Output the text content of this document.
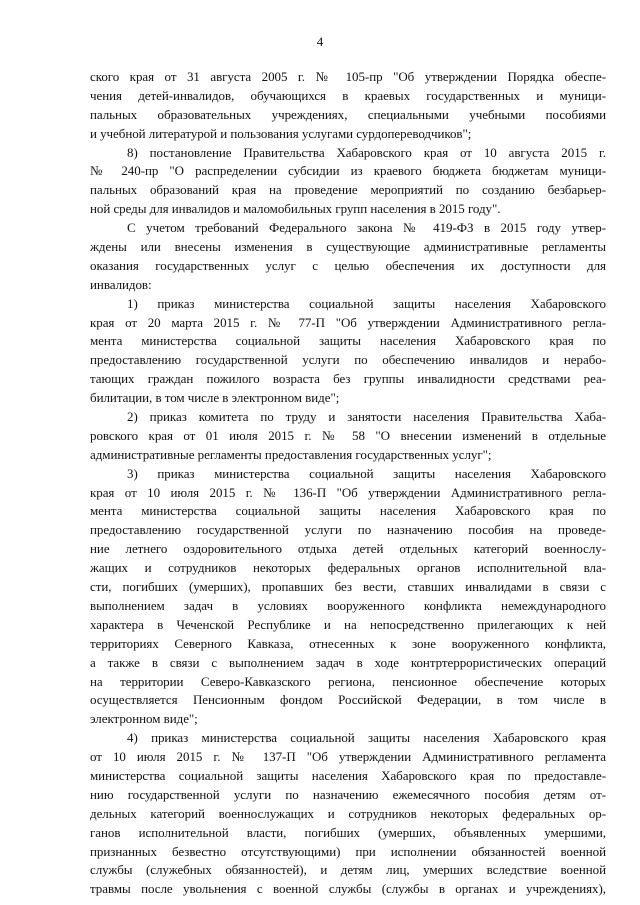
4
ского края от 31 августа 2005 г. № 105-пр "Об утверждении Порядка обеспе-
чения детей-инвалидов, обучающихся в краевых государственных и муници-
пальных образовательных учреждениях, специальными учебными пособиями
и учебной литературой и пользования услугами сурдопереводчиков";
8) постановление Правительства Хабаровского края от 10 августа 2015 г.
№ 240-пр "О распределении субсидии из краевого бюджета бюджетам муници-
пальных образований края на проведение мероприятий по созданию безбарьер-
ной среды для инвалидов и маломобильных групп населения в 2015 году".
С учетом требований Федерального закона № 419-ФЗ в 2015 году утвер-
ждены или внесены изменения в существующие административные регламенты
оказания государственных услуг с целью обеспечения их доступности для
инвалидов:
1) приказ министерства социальной защиты населения Хабаровского
края от 20 марта 2015 г. № 77-П "Об утверждении Административного регла-
мента министерства социальной защиты населения Хабаровского края по
предоставлению государственной услуги по обеспечению инвалидов и нерабо-
тающих граждан пожилого возраста без группы инвалидности средствами реа-
билитации, в том числе в электронном виде";
2) приказ комитета по труду и занятости населения Правительства Хаба-
ровского края от 01 июля 2015 г. № 58 "О внесении изменений в отдельные
административные регламенты предоставления государственных услуг";
3) приказ министерства социальной защиты населения Хабаровского
края от 10 июля 2015 г. № 136-П "Об утверждении Административного регла-
мента министерства социальной защиты населения Хабаровского края по
предоставлению государственной услуги по назначению пособия на проведе-
ние летнего оздоровительного отдыха детей отдельных категорий военнослу-
жащих и сотрудников некоторых федеральных органов исполнительной вла-
сти, погибших (умерших), пропавших без вести, ставших инвалидами в связи с
выполнением задач в условиях вооруженного конфликта немеждународного
характера в Чеченской Республике и на непосредственно прилегающих к ней
территориях Северного Кавказа, отнесенных к зоне вооруженного конфликта,
а также в связи с выполнением задач в ходе контртеррористических операций
на территории Северо-Кавказского региона, пенсионное обеспечение которых
осуществляется Пенсионным фондом Российской Федерации, в том числе в
электронном виде";
4) приказ министерства социальной защиты населения Хабаровского края
от 10 июля 2015 г. № 137-П "Об утверждении Административного регламента
министерства социальной защиты населения Хабаровского края по предоставле-
нию государственной услуги по назначению ежемесячного пособия детям от-
дельных категорий военнослужащих и сотрудников некоторых федеральных ор-
ганов исполнительной власти, погибших (умерших, объявленных умершими,
признанных безвестно отсутствующими) при исполнении обязанностей военной
службы (служебных обязанностей), и детям лиц, умерших вследствие военной
травмы после увольнения с военной службы (службы в органах и учреждениях),
